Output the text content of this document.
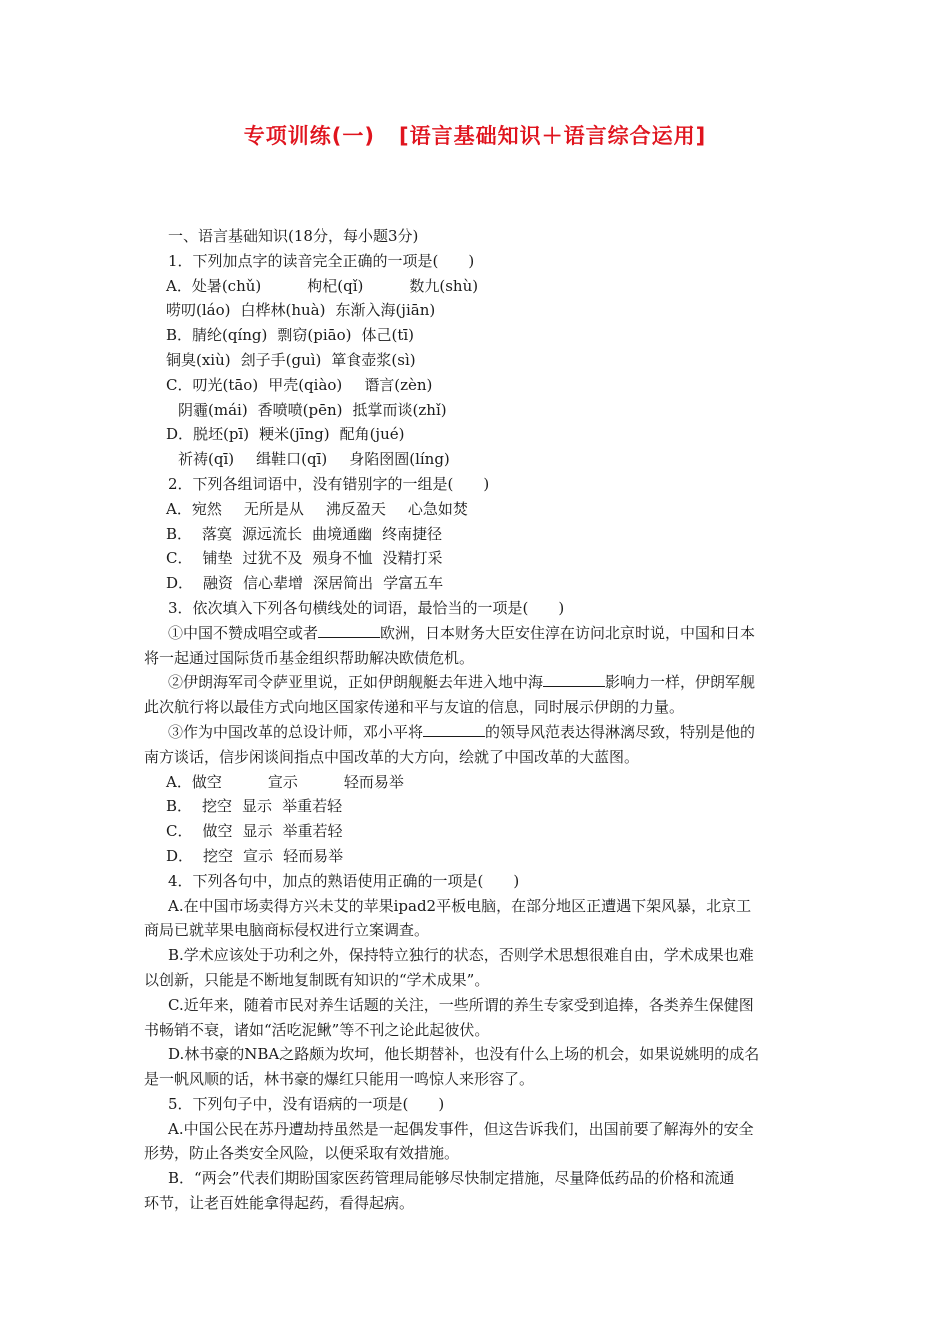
专项训练(一) [语言基础知识＋语言综合运用]
一、语言基础知识(18分，每小题3分)
1．下列加点字的读音完全正确的一项是(　　)
A．处暑(chǔ)	枸杞(qǐ)	数九(shù)
唠叨(láo) 白桦林(huà) 东渐入海(jiān)
B．腈纶(qíng) 剽窃(piāo) 体己(tī)
铜臭(xiù) 刽子手(guì) 箪食壶浆(sì)
C．叨光(tāo) 甲壳(qiào) 谮言(zèn)
阴霾(mái) 香喷喷(pēn) 抵掌而谈(zhǐ)
D．脱坯(pī) 粳米(jīng) 配角(jué)
祈祷(qī) 缉鞋口(qī) 身陷囹圄(líng)
2．下列各组词语中，没有错别字的一组是(　　)
A．宛然 无所是从 沸反盈天 心急如焚
B． 落寞 源远流长 曲境通幽 终南捷径
C． 铺垫 过犹不及 殒身不恤 没精打采
D． 融资 信心辈增 深居简出 学富五车
3．依次填入下列各句横线处的词语，最恰当的一项是(　　)
①中国不赞成唱空或者	欧洲，日本财务大臣安住淳在访问北京时说，中国和日本
将一起通过国际货币基金组织帮助解决欧债危机。
②伊朗海军司令萨亚里说，正如伊朗舰艇去年进入地中海	影响力一样，伊朗军舰
此次航行将以最佳方式向地区国家传递和平与友谊的信息，同时展示伊朗的力量。
③作为中国改革的总设计师，邓小平将	的领导风范表达得淋漓尽致，特别是他的
南方谈话，信步闲谈间指点中国改革的大方向，绘就了中国改革的大蓝图。
A．做空	宣示	轻而易举
B． 挖空 显示 举重若轻
C． 做空 显示 举重若轻
D． 挖空 宣示 轻而易举
4．下列各句中，加点的熟语使用正确的一项是(　　)
A.在中国市场卖得方兴未艾的苹果ipad2平板电脑，在部分地区正遭遇下架风暴，北京工
商局已就苹果电脑商标侵权进行立案调查。
B.学术应该处于功利之外，保持特立独行的状态，否则学术思想很难自由，学术成果也难
以创新，只能是不断地复制既有知识的“学术成果”。
C.近年来，随着市民对养生话题的关注，一些所谓的养生专家受到追捧，各类养生保健图
书畅销不衰，诸如“活吃泥鳅”等不刊之论此起彼伏。
D.林书豪的NBA之路颇为坎坷，他长期替补，也没有什么上场的机会，如果说姚明的成名
是一帆风顺的话，林书豪的爆红只能用一鸣惊人来形容了。
5．下列句子中，没有语病的一项是(　　)
A.中国公民在苏丹遭劫持虽然是一起偶发事件，但这告诉我们，出国前要了解海外的安全
形势，防止各类安全风险，以便采取有效措施。
B．“两会”代表们期盼国家医药管理局能够尽快制定措施，尽量降低药品的价格和流通
环节，让老百姓能拿得起药，看得起病。
